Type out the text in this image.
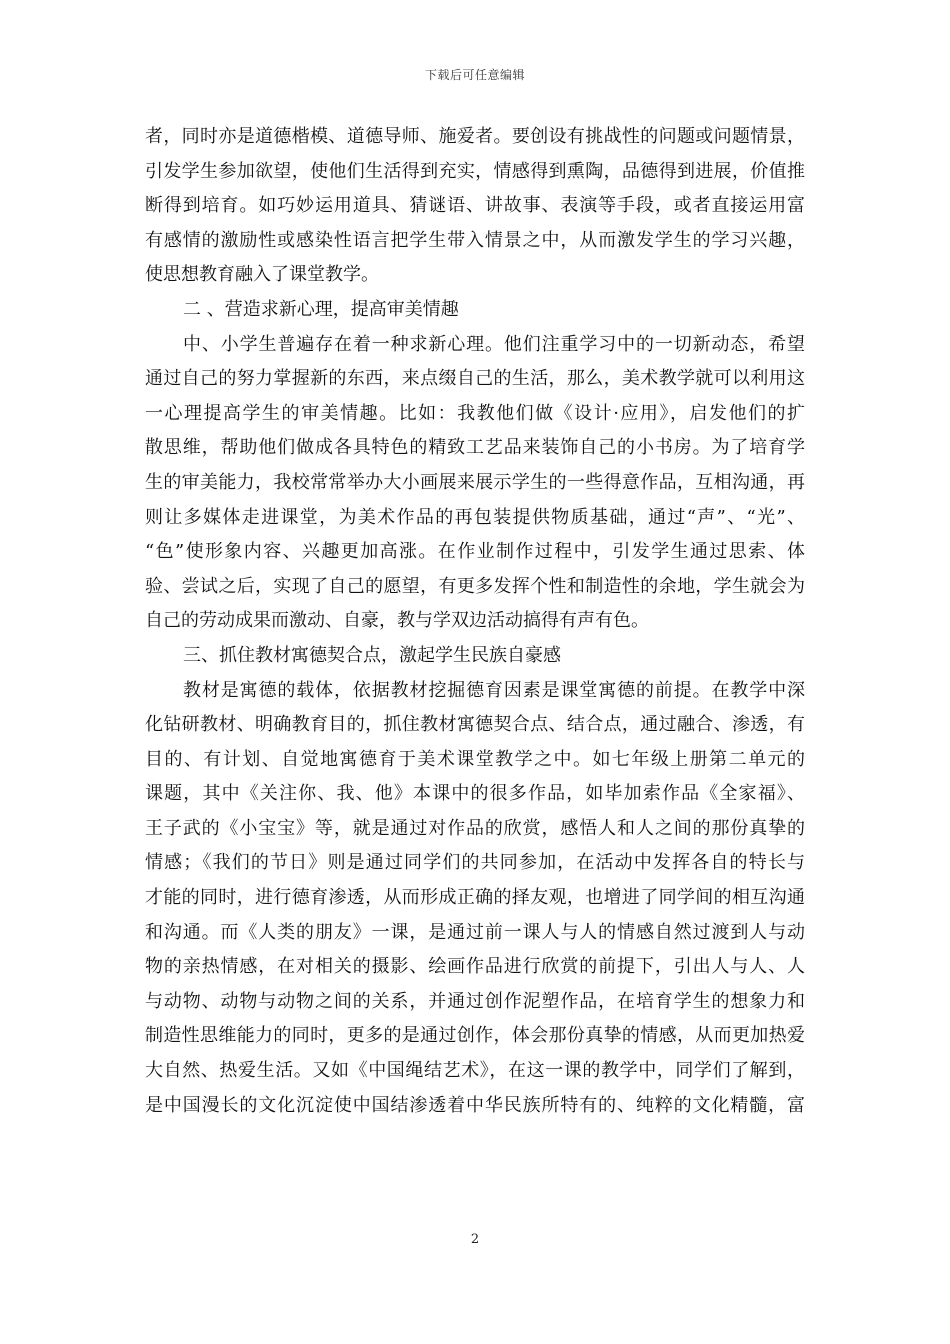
下载后可任意编辑
者，同时亦是道德楷模、道德导师、施爱者。要创设有挑战性的问题或问题情景，
引发学生参加欲望，使他们生活得到充实，情感得到熏陶，品德得到进展，价值推
断得到培育。如巧妙运用道具、猜谜语、讲故事、表演等手段，或者直接运用富
有感情的激励性或感染性语言把学生带入情景之中，从而激发学生的学习兴趣，
使思想教育融入了课堂教学。
二 、营造求新心理，提高审美情趣
中、小学生普遍存在着一种求新心理。他们注重学习中的一切新动态，希望
通过自己的努力掌握新的东西，来点缀自己的生活，那么，美术教学就可以利用这
一心理提高学生的审美情趣。比如：我教他们做《设计·应用》，启发他们的扩
散思维，帮助他们做成各具特色的精致工艺品来装饰自己的小书房。为了培育学
生的审美能力，我校常常举办大小画展来展示学生的一些得意作品，互相沟通，再
则让多媒体走进课堂，为美术作品的再包装提供物质基础，通过“声”、“光”、
“色”使形象内容、兴趣更加高涨。在作业制作过程中，引发学生通过思索、体
验、尝试之后，实现了自己的愿望，有更多发挥个性和制造性的余地，学生就会为
自己的劳动成果而激动、自豪，教与学双边活动搞得有声有色。
三、抓住教材寓德契合点，激起学生民族自豪感
教材是寓德的载体，依据教材挖掘德育因素是课堂寓德的前提。在教学中深
化钻研教材、明确教育目的，抓住教材寓德契合点、结合点，通过融合、渗透，有
目的、有计划、自觉地寓德育于美术课堂教学之中。如七年级上册第二单元的
课题，其中《关注你、我、他》本课中的很多作品，如毕加索作品《全家福》、
王子武的《小宝宝》等，就是通过对作品的欣赏，感悟人和人之间的那份真挚的
情感；《我们的节日》则是通过同学们的共同参加，在活动中发挥各自的特长与
才能的同时，进行德育渗透，从而形成正确的择友观，也增进了同学间的相互沟通
和沟通。而《人类的朋友》一课，是通过前一课人与人的情感自然过渡到人与动
物的亲热情感，在对相关的摄影、绘画作品进行欣赏的前提下，引出人与人、人
与动物、动物与动物之间的关系，并通过创作泥塑作品，在培育学生的想象力和
制造性思维能力的同时，更多的是通过创作，体会那份真挚的情感，从而更加热爱
大自然、热爱生活。又如《中国绳结艺术》，在这一课的教学中，同学们了解到，
是中国漫长的文化沉淀使中国结渗透着中华民族所特有的、纯粹的文化精髓，富
2
